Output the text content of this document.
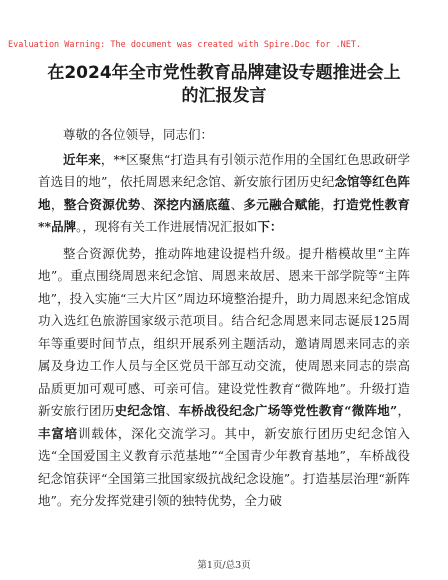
Evaluation Warning: The document was created with Spire.Doc for .NET.
在2024年全市党性教育品牌建设专题推进会上的汇报发言

尊敬的各位领导，同志们：

近年来，**区聚焦“打造具有引领示范作用的全国红色思政研学首选目的地”，依托周恩来纪念馆、新安旅行团历史纪念馆等红色阵地，整合资源优势、深挖内涵底蕴、多元融合赋能，打造党性教育**品牌。，现将有关工作进展情况汇报如下：

整合资源优势，推动阵地建设提档升级。提升楷模故里“主阵地”。重点围绕周恩来纪念馆、周恩来故居、恩来干部学院等“主阵地”，投入实施“三大片区”周边环境整治提升，助力周恩来纪念馆成功入选红色旅游国家级示范项目。结合纪念周恩来同志诞辰125周年等重要时间节点，组织开展系列主题活动，邀请周恩来同志的亲属及身边工作人员与全区党员干部互动交流，使周恩来同志的崇高品质更加可观可感、可亲可信。建设党性教育“微阵地”。升级打造新安旅行团历史纪念馆、车桥战役纪念广场等党性教育“微阵地”，丰富培训载体，深化交流学习。其中，新安旅行团历史纪念馆入选“全国爱国主义教育示范基地”“全国青少年教育基地”，车桥战役纪念馆获评“全国第三批国家级抗战纪念设施”。打造基层治理“新阵地”。充分发挥党建引领的独特优势，全力破

第1页/总3页
